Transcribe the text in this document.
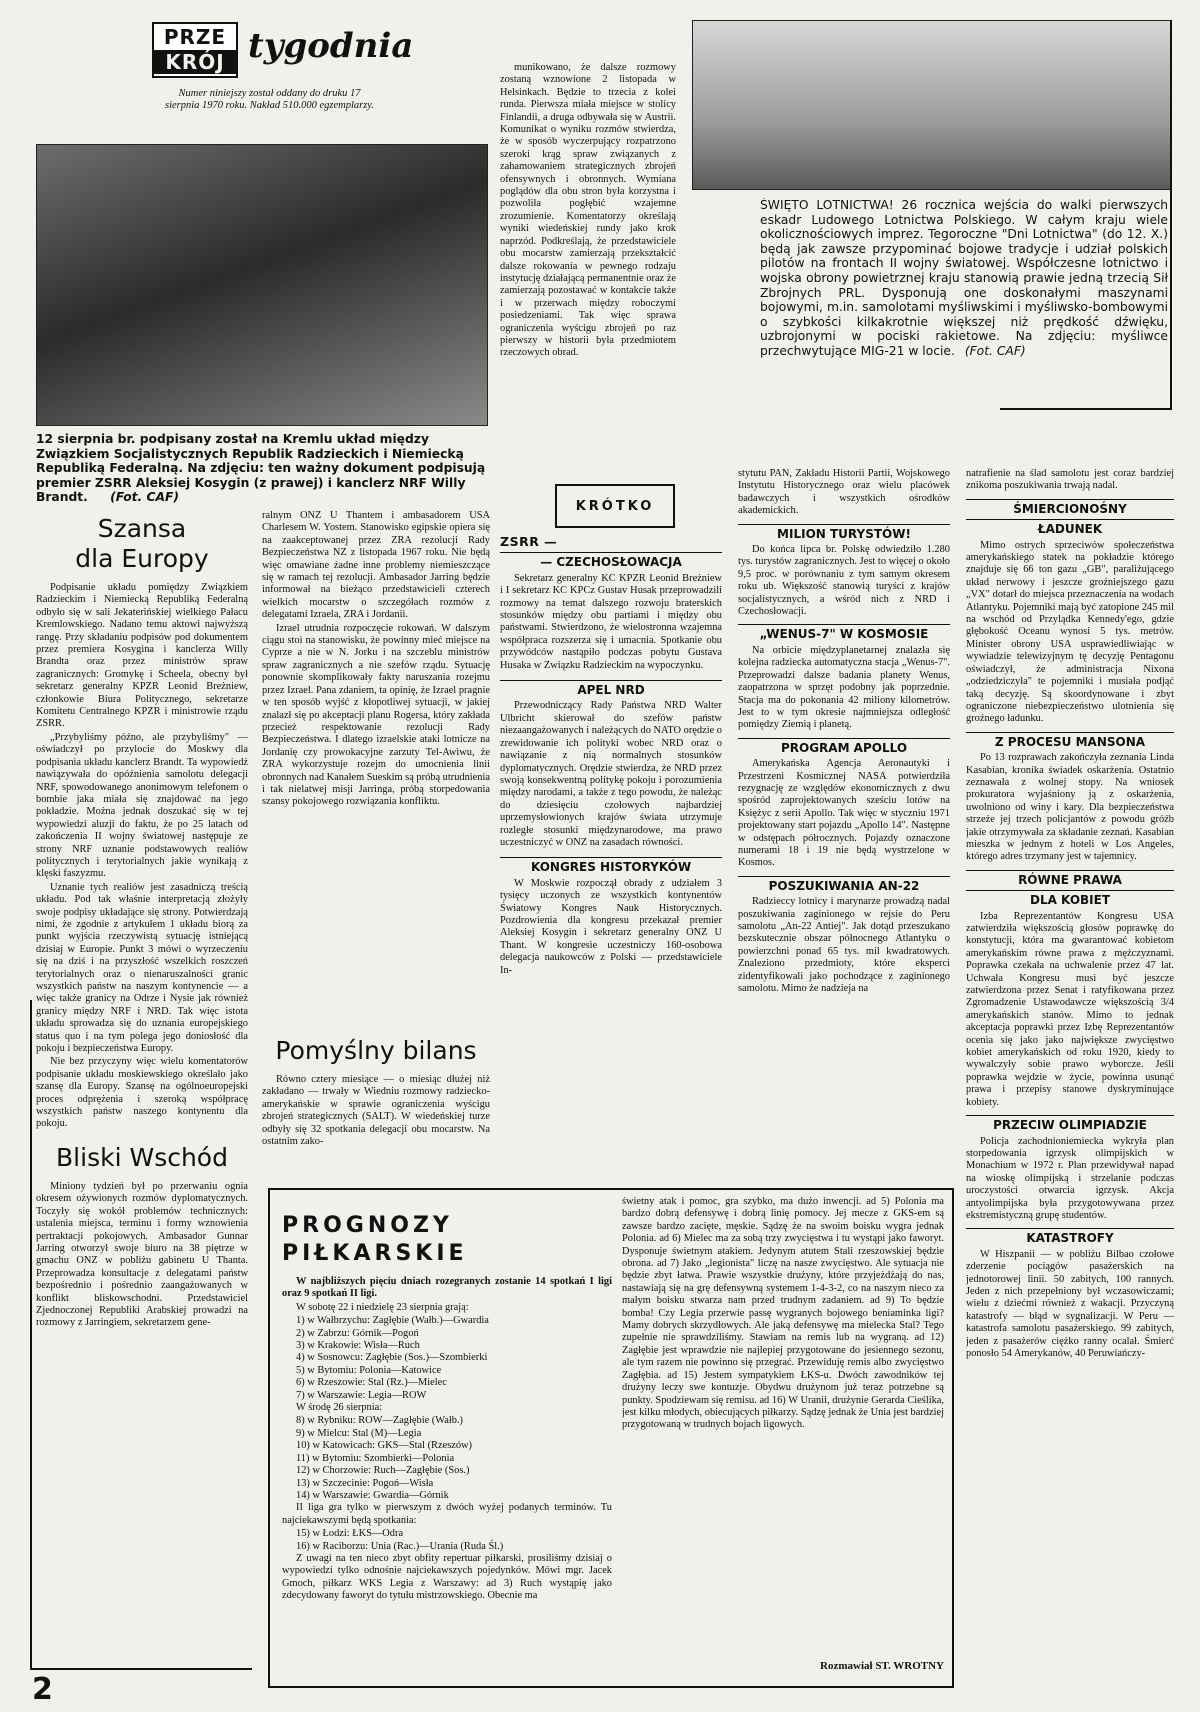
PRZE
KRÓJ tygodnia
Numer niniejszy został oddany do druku 17 sierpnia 1970 roku. Nakład 510.000 egzemplarzy.
12 sierpnia br. podpisany został na Kremlu układ między Związkiem Socjalistycznych Republik Radzieckich i Niemiecką Republiką Federalną. Na zdjęciu: ten ważny dokument podpisują premier ZSRR Aleksiej Kosygin (z prawej) i kanclerz NRF Willy Brandt. (Fot. CAF)

munikowano, że dalsze rozmowy zostaną wznowione 2 listopada w Helsinkach. Będzie to trzecia z kolei runda. Pierwsza miała miejsce w stolicy Finlandii, a druga odbywała się w Austrii. Komunikat o wyniku rozmów stwierdza, że w sposób wyczerpujący rozpatrzono szeroki krąg spraw związanych z zahamowaniem strategicznych zbrojeń ofensywnych i obronnych. Wymiana poglądów dla obu stron była korzystna i pozwoliła pogłębić wzajemne zrozumienie. Komentatorzy określają wyniki wiedeńskiej rundy jako krok naprzód. Podkreślają, że przedstawiciele obu mocarstw zamierzają przekształcić dalsze rokowania w pewnego rodzaju instytucję działającą permanentnie oraz że zamierzają pozostawać w kontakcie także i w przerwach między roboczymi posiedzeniami. Tak więc sprawa ograniczenia wyścigu zbrojeń po raz pierwszy w historii była przedmiotem rzeczowych obrad.

ŚWIĘTO LOTNICTWA! 26 rocznica wejścia do walki pierwszych eskadr Ludowego Lotnictwa Polskiego. W całym kraju wiele okolicznościowych imprez. Tegoroczne "Dni Lotnictwa" (do 12. X.) będą jak zawsze przypominać bojowe tradycje i udział polskich pilotów na frontach II wojny światowej. Współczesne lotnictwo i wojska obrony powietrznej kraju stanowią prawie jedną trzecią Sił Zbrojnych PRL. Dysponują one doskonałymi maszynami bojowymi, m.in. samolotami myśliwskimi i myśliwsko-bombowymi o szybkości kilkakrotnie większej niż prędkość dźwięku, uzbrojonymi w pociski rakietowe. Na zdjęciu: myśliwce przechwytujące MIG-21 w locie. (Fot. CAF)
Szansa
dla Europy

Podpisanie układu pomiędzy Związkiem Radzieckim i Niemiecką Republiką Federalną odbyło się w sali Jekaterińskiej wielkiego Pałacu Kremlowskiego. Nadano temu aktowi najwyższą rangę. Przy składaniu podpisów pod dokumentem przez premiera Kosygina i kanclerza Willy Brandta oraz przez ministrów spraw zagranicznych: Gromykę i Scheela, obecny był sekretarz generalny KPZR Leonid Breżniew, członkowie Biura Politycznego, sekretarze Komitetu Centralnego KPZR i ministrowie rządu ZSRR.

„Przybyliśmy późno, ale przybyliśmy" — oświadczył po przylocie do Moskwy dla podpisania układu kanclerz Brandt. Ta wypowiedź nawiązywała do opóźnienia samolotu delegacji NRF, spowodowanego anonimowym telefonem o bombie jaka miała się znajdować na jego pokładzie. Można jednak doszukać się w tej wypowiedzi aluzji do faktu, że po 25 latach od zakończenia II wojny światowej następuje ze strony NRF uznanie podstawowych realiów politycznych i terytorialnych jakie wynikają z klęski faszyzmu.

Uznanie tych realiów jest zasadniczą treścią układu. Pod tak właśnie interpretacją złożyły swoje podpisy układające się strony. Potwierdzają nimi, że zgodnie z artykułem 1 układu biorą za punkt wyjścia rzeczywistą sytuację istniejącą dzisiaj w Europie. Punkt 3 mówi o wyrzeczeniu się na dziś i na przyszłość wszelkich roszczeń terytorialnych oraz o nienaruszalności granic wszystkich państw na naszym kontynencie — a więc także granicy na Odrze i Nysie jak również granicy między NRF i NRD. Tak więc istota układu sprowadza się do uznania europejskiego status quo i na tym polega jego doniosłość dla pokoju i bezpieczeństwa Europy.

Nie bez przyczyny więc wielu komentatorów podpisanie układu moskiewskiego określało jako szansę dla Europy. Szansę na ogólnoeuropejski proces odprężenia i szeroką współpracę wszystkich państw naszego kontynentu dla pokoju.

Bliski Wschód

Miniony tydzień był po przerwaniu ognia okresem ożywionych rozmów dyplomatycznych. Toczyły się wokół problemów technicznych: ustalenia miejsca, terminu i formy wznowienia pertraktacji pokojowych. Ambasador Gunnar Jarring otworzył swoje biuro na 38 piętrze w gmachu ONZ w pobliżu gabinetu U Thanta. Przeprowadza konsultacje z delegatami państw bezpośrednio i pośrednio zaangażowanych w konflikt bliskowschodni. Przedstawiciel Zjednoczonej Republiki Arabskiej prowadzi na rozmowy z Jarringiem, sekretarzem gene-

ralnym ONZ U Thantem i ambasadorem USA Charlesem W. Yostem. Stanowisko egipskie opiera się na zaakceptowanej przez ZRA rezolucji Rady Bezpieczeństwa NZ z listopada 1967 roku. Nie będą więc omawiane żadne inne problemy niemieszczące się w ramach tej rezolucji. Ambasador Jarring będzie informował na bieżąco przedstawicieli czterech wielkich mocarstw o szczegółach rozmów z delegatami Izraela, ZRA i Jordanii.

Izrael utrudnia rozpoczęcie rokowań. W dalszym ciągu stoi na stanowisku, że powinny mieć miejsce na Cyprze a nie w N. Jorku i na szczeblu ministrów spraw zagranicznych a nie szefów rządu. Sytuację ponownie skomplikowały fakty naruszania rozejmu przez Izrael. Pana zdaniem, ta opinię, że Izrael pragnie w ten sposób wyjść z kłopotliwej sytuacji, w jakiej znalazł się po akceptacji planu Rogersa, który zakłada przecież respektowanie rezolucji Rady Bezpieczeństwa. I dlatego izraelskie ataki lotnicze na Jordanię czy prowokacyjne zarzuty Tel-Awiwu, że ZRA wykorzystuje rozejm do umocnienia linii obronnych nad Kanałem Sueskim są próbą utrudnienia i tak nielatwej misji Jarringa, próbą storpedowania szansy pokojowego rozwiązania konfliktu.

Pomyślny bilans

Równo cztery miesiące — o miesiąc dłużej niż zakładano — trwały w Wiedniu rozmowy radziecko-amerykańskie w sprawie ograniczenia wyścigu zbrojeń strategicznych (SALT). W wiedeńskiej turze odbyły się 32 spotkania delegacji obu mocarstw. Na ostatnim zako-

KRÓTKO
ZSRR —
— CZECHOSŁOWACJA

Sekretarz generalny KC KPZR Leonid Breżniew i I sekretarz KC KPCz Gustav Husak przeprowadzili rozmowy na temat dalszego rozwoju braterskich stosunków między obu partiami i między obu państwami. Stwierdzono, że wielostronna wzajemna współpraca rozszerza się i umacnia. Spotkanie obu przywódców nastąpiło podczas pobytu Gustava Husaka w Związku Radzieckim na wypoczynku.

APEL NRD

Przewodniczący Rady Państwa NRD Walter Ulbricht skierował do szefów państw niezaangażowanych i należących do NATO orędzie o zrewidowanie ich polityki wobec NRD oraz o nawiązanie z nią normalnych stosunków dyplomatycznych. Orędzie stwierdza, że NRD przez swoją konsekwentną politykę pokoju i porozumienia między narodami, a także z tego powodu, że należąc do dziesięciu czołowych najbardziej uprzemysłowionych krajów świata utrzymuje rozległe stosunki międzynarodowe, ma prawo uczestniczyć w ONZ na zasadach równości.

KONGRES HISTORYKÓW

W Moskwie rozpoczął obrady z udziałem 3 tysięcy uczonych ze wszystkich kontynentów Światowy Kongres Nauk Historycznych. Pozdrowienia dla kongresu przekazał premier Aleksiej Kosygin i sekretarz generalny ONZ U Thant. W kongresie uczestniczy 160-osobowa delegacja naukowców z Polski — przedstawiciele In-

stytutu PAN, Zakładu Historii Partii, Wojskowego Instytutu Historycznego oraz wielu placówek badawczych i wszystkich ośrodków akademickich.

MILION TURYSTÓW!

Do końca lipca br. Polskę odwiedziło 1.280 tys. turystów zagranicznych. Jest to więcej o około 9,5 proc. w porównaniu z tym samym okresem roku ub. Większość stanowią turyści z krajów socjalistycznych, a wśród nich z NRD i Czechosłowacji.

„WENUS-7" W KOSMOSIE

Na orbicie międzyplanetarnej znalazła się kolejna radziecka automatyczna stacja „Wenus-7". Przeprowadzi dalsze badania planety Wenus, zaopatrzona w sprzęt podobny jak poprzednie. Stacja ma do pokonania 42 miliony kilometrów. Jest to w tym okresie najmniejsza odległość pomiędzy Ziemią i planetą.

PROGRAM APOLLO

Amerykańska Agencja Aeronautyki i Przestrzeni Kosmicznej NASA potwierdziła rezygnację ze względów ekonomicznych z dwu spośród zaprojektowanych sześciu lotów na Księżyc z serii Apollo. Tak więc w styczniu 1971 projektowany start pojazdu „Apollo 14". Następne w odstępach półrocznych. Pojazdy oznaczone numerami 18 i 19 nie będą wystrzelone w Kosmos.

POSZUKIWANIA AN-22

Radzieccy lotnicy i marynarze prowadzą nadal poszukiwania zaginionego w rejsie do Peru samolotu „An-22 Antiej". Jak dotąd przeszukano bezskutecznie obszar północnego Atlantyku o powierzchni ponad 65 tys. mil kwadratowych. Znaleziono przedmioty, które eksperci zidentyfikowali jako pochodzące z zaginionego samolotu. Mimo że nadzieja na

natrafienie na ślad samolotu jest coraz bardziej znikoma poszukiwania trwają nadal.

ŚMIERCIONOŚNY
ŁADUNEK

Mimo ostrych sprzeciwów społeczeństwa amerykańskiego statek na pokładzie którego znajduje się 66 ton gazu „GB", paraliżującego układ nerwowy i jeszcze groźniejszego gazu „VX" dotarł do miejsca przeznaczenia na wodach Atlantyku. Pojemniki mają być zatopione 245 mil na wschód od Przylądka Kennedy'ego, gdzie głębokość Oceanu wynosi 5 tys. metrów. Minister obrony USA usprawiedliwiając w wywiadzie telewizyjnym tę decyzję Pentagonu oświadczył, że administracja Nixona „odziedziczyła" te pojemniki i musiała podjąć taką decyzję. Są skoordynowane i zbyt ograniczone niebezpieczeństwo ulotnienia się groźnego ładunku.

Z PROCESU MANSONA

Po 13 rozprawach zakończyła zeznania Linda Kasabian, kronika świadek oskarżenia. Ostatnio zeznawała z wolnej stopy. Na wniosek prokuratora wyjaśniony ją z oskarżenia, uwolniono od winy i kary. Dla bezpieczeństwa strzeże jej trzech policjantów z powodu gróźb jakie otrzymywała za składanie zeznań. Kasabian mieszka w jednym z hoteli w Los Angeles, którego adres trzymany jest w tajemnicy.

RÓWNE PRAWA
DLA KOBIET

Izba Reprezentantów Kongresu USA zatwierdziła większością głosów poprawkę do konstytucji, która ma gwarantować kobietom amerykańskim równe prawa z mężczyznami. Poprawka czekała na uchwalenie przez 47 lat. Uchwała Kongresu musi być jeszcze zatwierdzona przez Senat i ratyfikowana przez Zgromadzenie Ustawodawcze większością 3/4 amerykańskich stanów. Mimo to jednak akceptacja poprawki przez Izbę Reprezentantów ocenia się jako jako największe zwycięstwo kobiet amerykańskich od roku 1920, kiedy to wywalczyły sobie prawo wyborcze. Jeśli poprawka wejdzie w życie, powinna usunąć prawa i przepisy stanowe dyskryminujące kobiety.

PRZECIW OLIMPIADZIE

Policja zachodnioniemiecka wykryła plan storpedowania igrzysk olimpijskich w Monachium w 1972 r. Plan przewidywał napad na wioskę olimpijską i strzelanie podczas uroczystości otwarcia igrzysk. Akcja antyolimpijska była przygotowywana przez ekstremistyczną grupę studentów.

KATASTROFY

W Hiszpanii — w pobliżu Bilbao czołowe zderzenie pociągów pasażerskich na jednotorowej linii. 50 zabitych, 100 rannych. Jeden z nich przepełniony był wczasowiczami; wielu z dziećmi również z wakacji. Przyczyną katastrofy — błąd w sygnalizacji. W Peru — katastrofa samolotu pasażerskiego. 99 zabitych, jeden z pasażerów ciężko ranny ocalał. Śmierć ponosło 54 Amerykanów, 40 Peruwiańczy-

PROGNOZY
PIŁKARSKIE

W najbliższych pięciu dniach rozegranych zostanie 14 spotkań I ligi oraz 9 spotkań II ligi.

W sobotę 22 i niedzielę 23 sierpnia grają:

1) w Wałbrzychu: Zagłębie (Wałb.)—Gwardia
2) w Zabrzu: Górnik—Pogoń
3) w Krakowie: Wisła—Ruch
4) w Sosnowcu: Zagłębie (Sos.)—Szombierki
5) w Bytomiu: Polonia—Katowice
6) w Rzeszowie: Stal (Rz.)—Mielec
7) w Warszawie: Legia—ROW

W środę 26 sierpnia:

8) w Rybniku: ROW—Zagłębie (Wałb.)
9) w Mielcu: Stal (M)—Legia
10) w Katowicach: GKS—Stal (Rzeszów)
11) w Bytomiu: Szombierki—Polonia
12) w Chorzowie: Ruch—Zagłębie (Sos.)
13) w Szczecinie: Pogoń—Wisła
14) w Warszawie: Gwardia—Górnik

II liga gra tylko w pierwszym z dwóch wyżej podanych terminów. Tu najciekawszymi będą spotkania:

15) w Łodzi: ŁKS—Odra
16) w Raciborzu: Unia (Rac.)—Urania (Ruda Śl.)

Z uwagi na ten nieco zbyt obfity repertuar piłkarski, prosiliśmy dzisiaj o wypowiedzi tylko odnośnie najciekawszych pojedynków. Mówi mgr. Jacek Gmoch, piłkarz WKS Legia z Warszawy: ad 3) Ruch wystąpię jako zdecydowany faworyt do tytułu mistrzowskiego. Obecnie ma

świetny atak i pomoc, gra szybko, ma dużo inwencji. ad 5) Polonia ma bardzo dobrą defensywę i dobrą linię pomocy. Jej mecze z GKS-em są zawsze bardzo zacięte, męskie. Sądzę że na swoim boisku wygra jednak Polonia. ad 6) Mielec ma za sobą trzy zwycięstwa i tu wystąpi jako faworyt. Dysponuje świetnym atakiem. Jedynym atutem Stali rzeszowskiej będzie obrona. ad 7) Jako „legionista" liczę na nasze zwycięstwo. Ale sytuacja nie będzie zbyt łatwa. Prawie wszystkie drużyny, które przyjeżdżają do nas, nastawiają się na grę defensywną systemem 1-4-3-2, co na naszym nieco za małym boisku stwarza nam przed trudnym zadaniem. ad 9) To będzie bomba! Czy Legia przerwie passę wygranych bojowego beniaminka ligi? Mamy dobrych skrzydłowych. Ale jaką defensywę ma mielecka Stal? Tego zupełnie nie sprawdziliśmy. Stawiam na remis lub na wygraną. ad 12) Zagłębie jest wprawdzie nie najlepiej przygotowane do jesiennego sezonu, ale tym razem nie powinno się przegrać. Przewiduję remis albo zwycięstwo Zagłębia. ad 15) Jestem sympatykiem ŁKS-u. Dwóch zawodników tej drużyny leczy swe kontuzje. Obydwu drużynom już teraz potrzebne są punkty. Spodziewam się remisu. ad 16) W Uranii, drużynie Gerarda Cieślika, jest kilku młodych, obiecujących piłkarzy. Sądzę jednak że Unia jest bardziej przygotowaną w trudnych bojach ligowych.

Rozmawiał ST. WROTNY
2
